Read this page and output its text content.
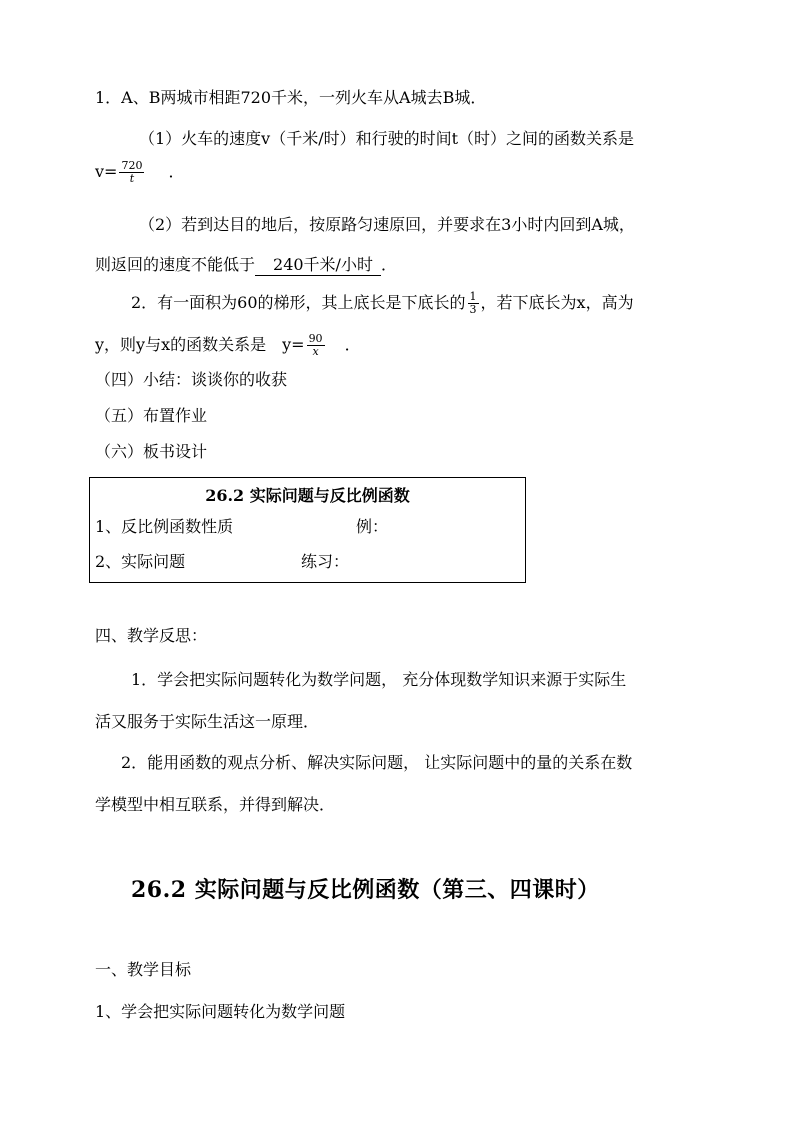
1．A、B两城市相距720千米，一列火车从A城去B城．
（1）火车的速度v（千米/时）和行驶的时间t（时）之间的函数关系是
$v= \frac{720}{t}$ ．
（2）若到达目的地后，按原路匀速原回，并要求在3小时内回到A城，
则返回的速度不能低于 240千米/小时 ．
2．有一面积为60的梯形，其上底长是下底长的 $\frac{1}{3}$ ，若下底长为x，高为
y，则y与x的函数关系是 $y= \frac{90}{x}$ ．
（四）小结：谈谈你的收获
（五）布置作业
（六）板书设计
26.2 实际问题与反比例函数
1、反比例函数性质	例：
2、实际问题	练习：
四、教学反思：
1．学会把实际问题转化为数学问题， 充分体现数学知识来源于实际生
活又服务于实际生活这一原理．
2．能用函数的观点分析、解决实际问题， 让实际问题中的量的关系在数
学模型中相互联系，并得到解决．
26.2 实际问题与反比例函数（第三、四课时）
一、教学目标
1、学会把实际问题转化为数学问题
